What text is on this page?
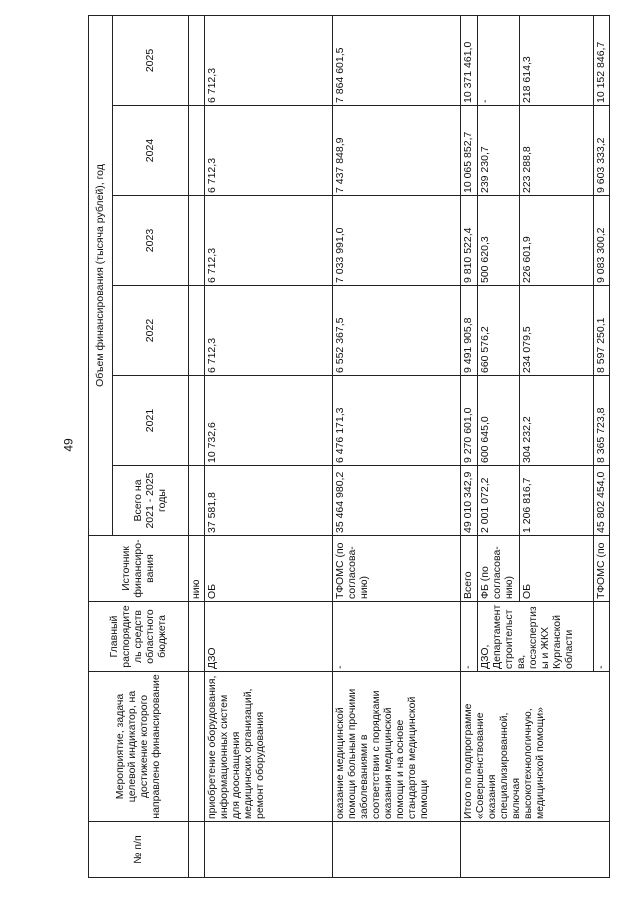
49
№ п/п	Мероприятие, задача целевой индикатор, на достижение которого направлено финансирование	Главный распорядитель средств областного бюджета	Источник финансиро-вания	Объем финансирования (тысяча рублей), год					
				Всего на 2021 - 2025 годы	2021	2022	2023	2024	2025
			нию						
	приобретение оборудования, информационных систем для дооснащения медицинских организаций, ремонт оборудования	ДЗО	ОБ	37 581,8	10 732,6	6 712,3	6 712,3	6 712,3	6 712,3
	оказание медицинской помощи больным прочими заболеваниями в соответствии с порядками оказания медицинской помощи и на основе стандартов медицинской помощи	-	ТФОМС (по согласова-нию)	35 464 980,2	6 476 171,3	6 552 367,5	7 033 991,0	7 437 848,9	7 864 601,5
	Итого по подпрограмме «Совершенствование оказания специализированной, включая высокотехнологичную, медицинской помощи»	-	Всего	49 010 342,9	9 270 601,0	9 491 905,8	9 810 522,4	10 065 852,7	10 371 461,0
		ДЗО, Департамент строительства, госэкспертизы и ЖКХ Курганской области	ФБ (по согласова-нию)	2 001 072,2	600 645,0	660 576,2	500 620,3	239 230,7	-
			ОБ	1 206 816,7	304 232,2	234 079,5	226 601,9	223 288,8	218 614,3
		-	ТФОМС (по	45 802 454,0	8 365 723,8	8 597 250,1	9 083 300,2	9 603 333,2	10 152 846,7
